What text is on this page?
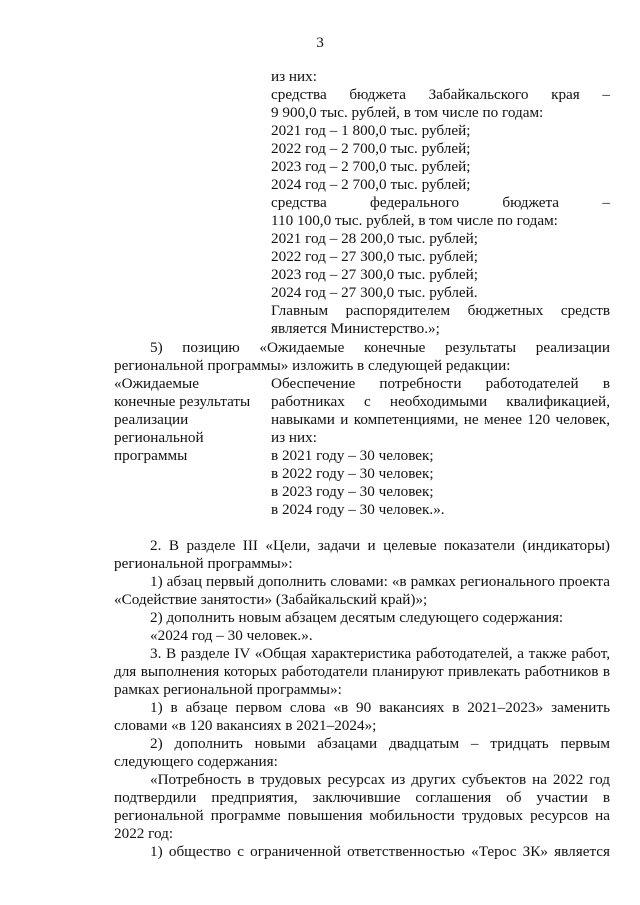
3
из них:
средства бюджета Забайкальского края –
9 900,0 тыс. рублей, в том числе по годам:
2021 год – 1 800,0 тыс. рублей;
2022 год – 2 700,0 тыс. рублей;
2023 год – 2 700,0 тыс. рублей;
2024 год – 2 700,0 тыс. рублей;
средства федерального бюджета –
110 100,0 тыс. рублей, в том числе по годам:
2021 год – 28 200,0 тыс. рублей;
2022 год – 27 300,0 тыс. рублей;
2023 год – 27 300,0 тыс. рублей;
2024 год – 27 300,0 тыс. рублей.
Главным распорядителем бюджетных средств
является Министерство.»;
5) позицию «Ожидаемые конечные результаты реализации
региональной программы» изложить в следующей редакции:
«Ожидаемые
конечные результаты
реализации
региональной
программы
Обеспечение потребности работодателей в
работниках с необходимыми квалификацией,
навыками и компетенциями, не менее 120 человек,
из них:
в 2021 году – 30 человек;
в 2022 году – 30 человек;
в 2023 году – 30 человек;
в 2024 году – 30 человек.».
2. В разделе III «Цели, задачи и целевые показатели (индикаторы)
региональной программы»:
1) абзац первый дополнить словами: «в рамках регионального проекта
«Содействие занятости» (Забайкальский край)»;
2) дополнить новым абзацем десятым следующего содержания:
«2024 год – 30 человек.».
3. В разделе IV «Общая характеристика работодателей, а также работ,
для выполнения которых работодатели планируют привлекать работников в
рамках региональной программы»:
1) в абзаце первом слова «в 90 вакансиях в 2021–2023» заменить
словами «в 120 вакансиях в 2021–2024»;
2) дополнить новыми абзацами двадцатым – тридцать первым
следующего содержания:
«Потребность в трудовых ресурсах из других субъектов на 2022 год
подтвердили предприятия, заключившие соглашения об участии в
региональной программе повышения мобильности трудовых ресурсов на
2022 год:
1) общество с ограниченной ответственностью «Терос ЗК» является
